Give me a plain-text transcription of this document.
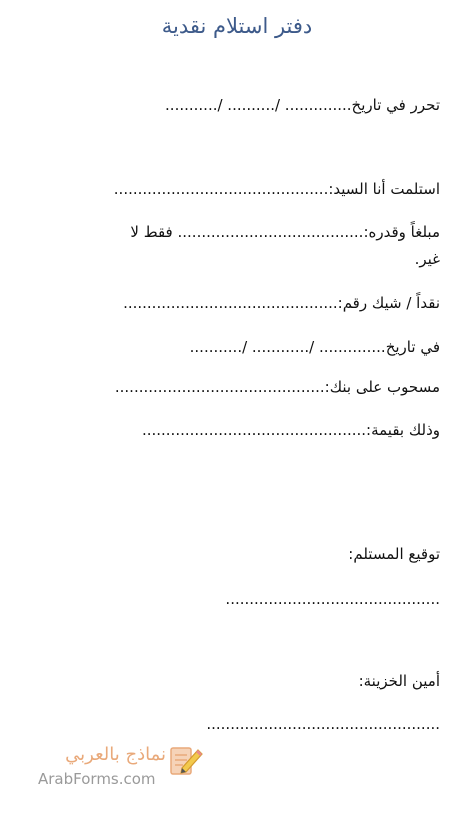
دفتر استلام نقدية
تحرر في تاريخ.............. /.......... /...........
استلمت أنا السيد:.............................................
مبلغاً وقدره:....................................... فقط لا
غير.
نقداً / شيك رقم:.............................................
في تاريخ.............. /............ /...........
مسحوب على بنك:............................................
وذلك بقيمة:...............................................
توقيع المستلم:
.............................................
أمين الخزينة:
.................................................
نماذج بالعربي
ArabForms.com
